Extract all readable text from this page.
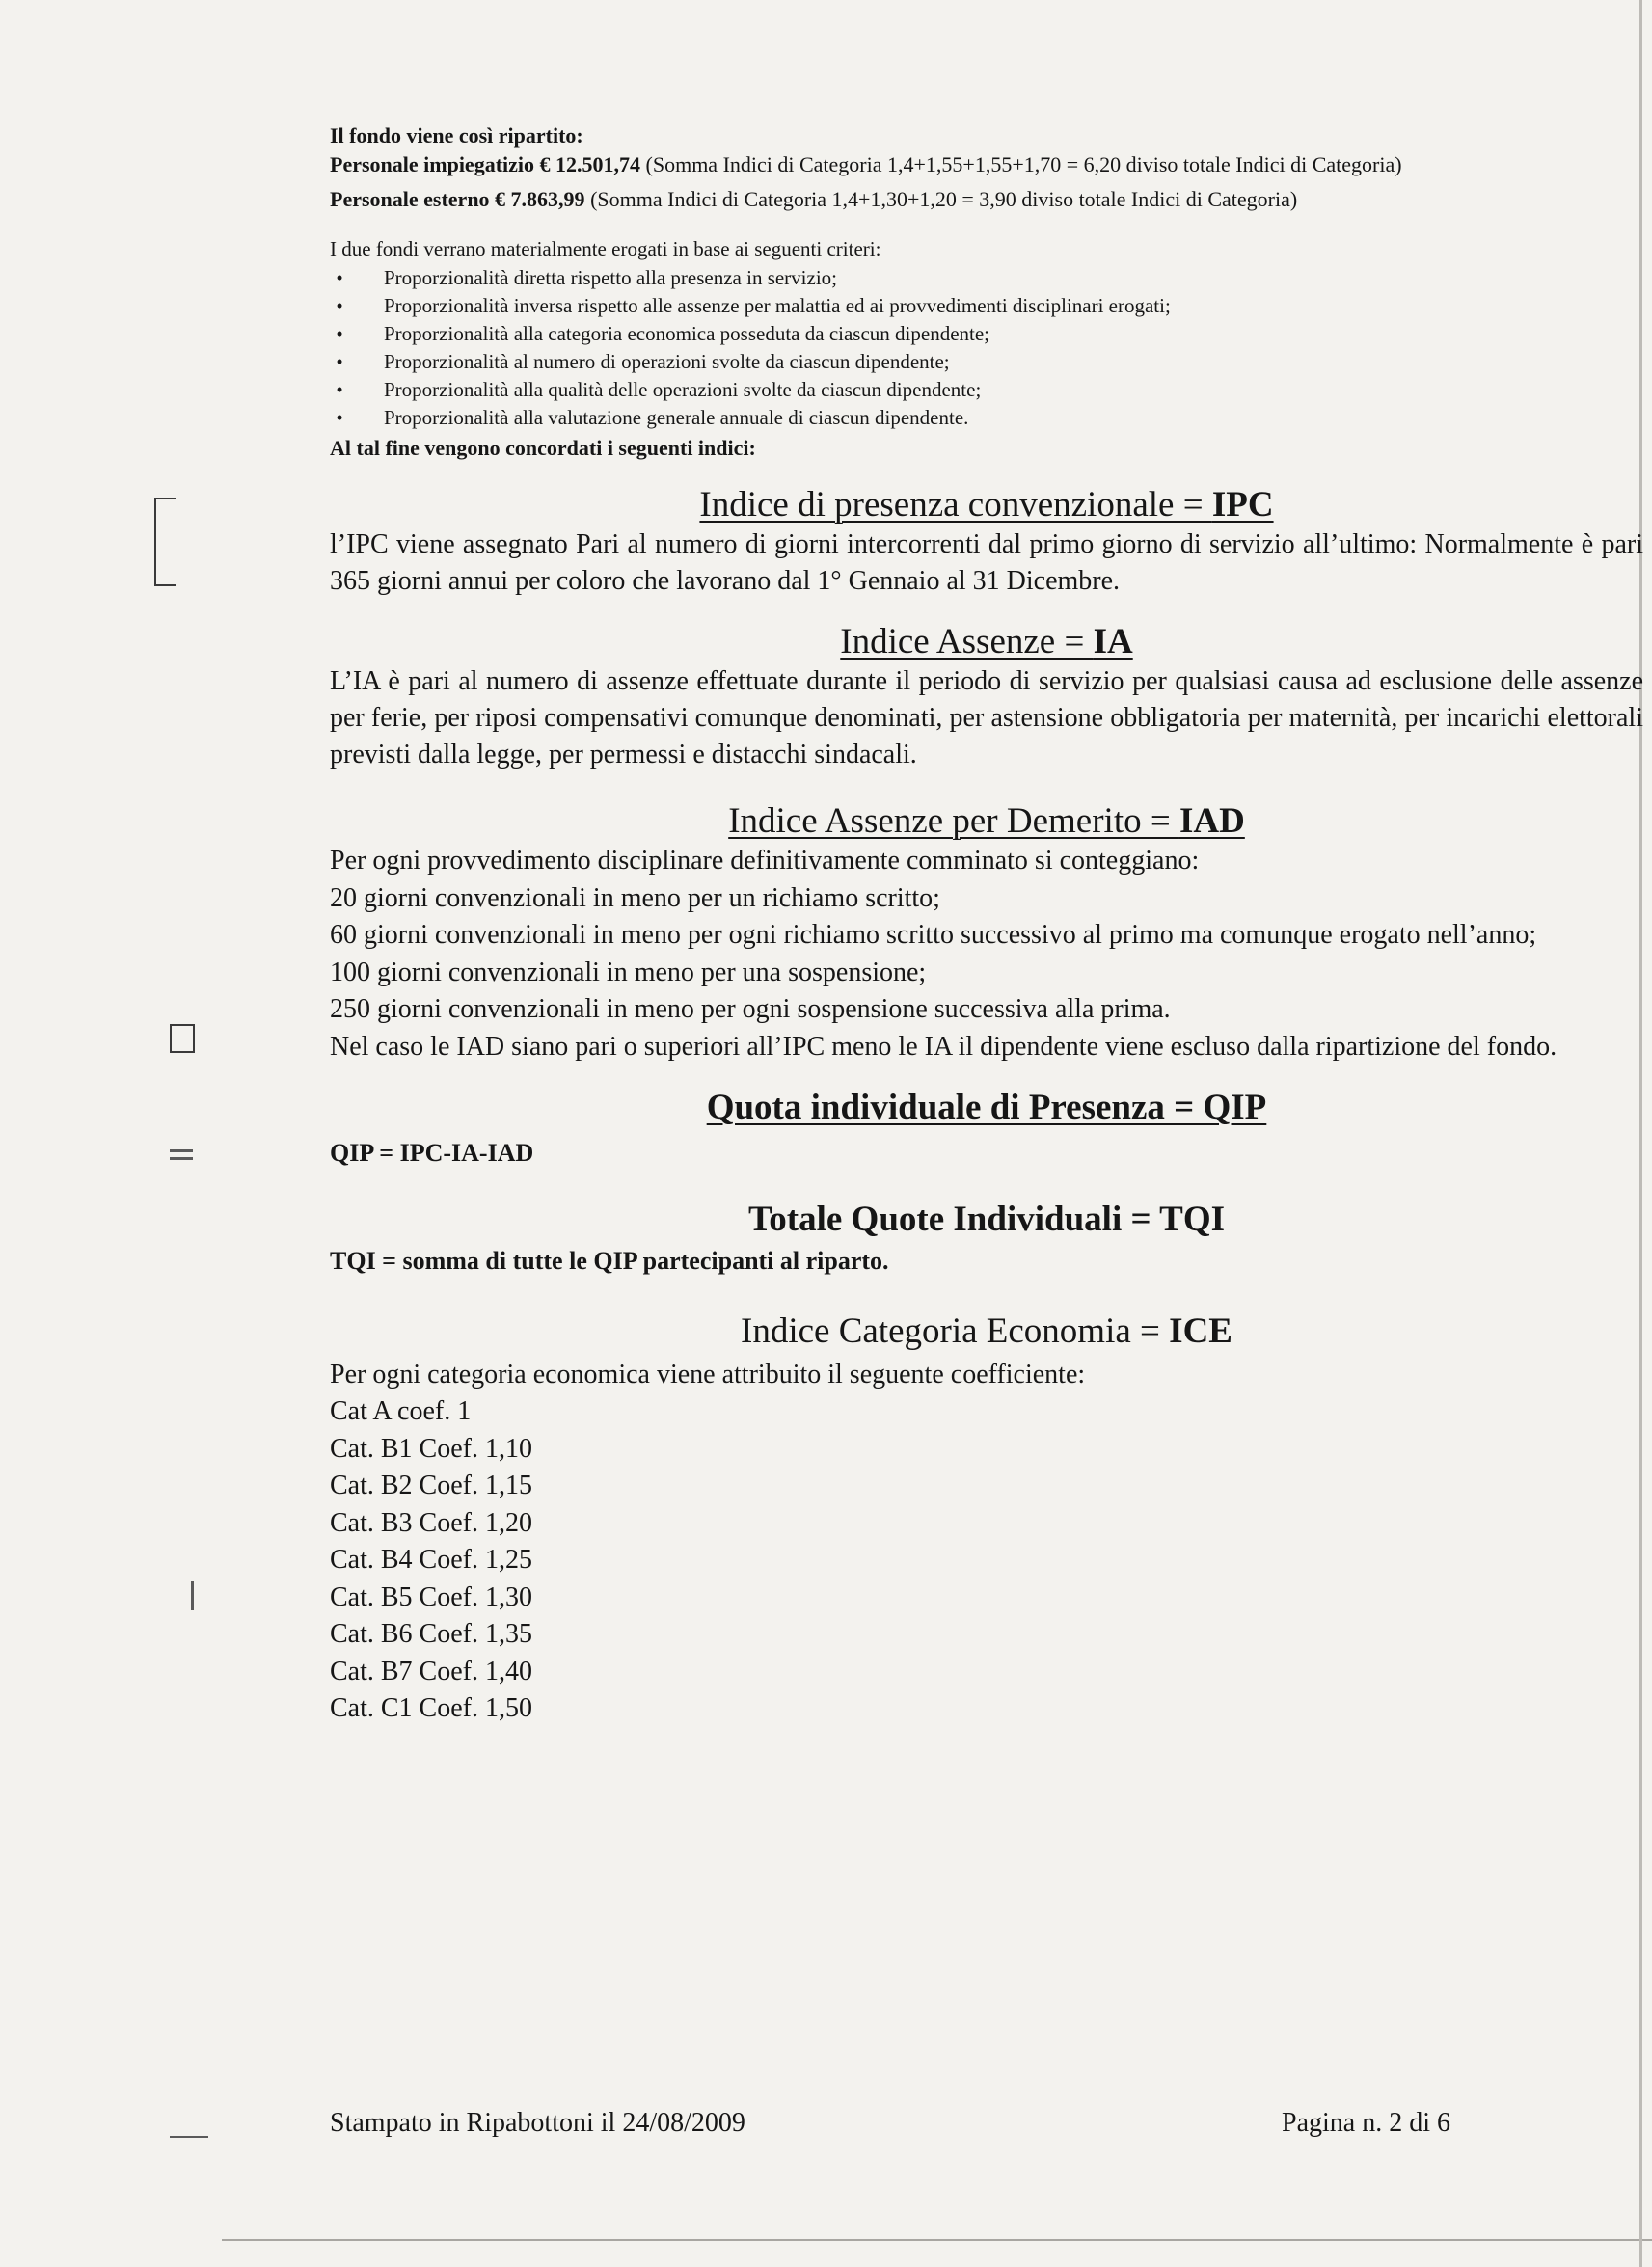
Il fondo viene così ripartito:
Personale impiegatizio € 12.501,74 (Somma Indici di Categoria 1,4+1,55+1,55+1,70 = 6,20 diviso totale Indici di Categoria)
Personale esterno € 7.863,99 (Somma Indici di Categoria 1,4+1,30+1,20 = 3,90 diviso totale Indici di Categoria)
I due fondi verrano materialmente erogati in base ai seguenti criteri:
• Proporzionalità diretta rispetto alla presenza in servizio;
• Proporzionalità inversa rispetto alle assenze per malattia ed ai provvedimenti disciplinari erogati;
• Proporzionalità alla categoria economica posseduta da ciascun dipendente;
• Proporzionalità al numero di operazioni svolte da ciascun dipendente;
• Proporzionalità alla qualità delle operazioni svolte da ciascun dipendente;
• Proporzionalità alla valutazione generale annuale di ciascun dipendente.
Al tal fine vengono concordati i seguenti indici:
Indice di presenza convenzionale = IPC

l’IPC viene assegnato Pari al numero di giorni intercorrenti dal primo giorno di servizio all’ultimo: Normalmente è pari 365 giorni annui per coloro che lavorano dal 1° Gennaio al 31 Dicembre.

Indice Assenze = IA

L’IA è pari al numero di assenze effettuate durante il periodo di servizio per qualsiasi causa ad esclusione delle assenze per ferie, per riposi compensativi comunque denominati, per astensione obbligatoria per maternità, per incarichi elettorali previsti dalla legge, per permessi e distacchi sindacali.

Indice Assenze per Demerito = IAD

Per ogni provvedimento disciplinare definitivamente comminato si conteggiano:

20 giorni convenzionali in meno per un richiamo scritto;

60 giorni convenzionali in meno per ogni richiamo scritto successivo al primo ma comunque erogato nell’anno;

100 giorni convenzionali in meno per una sospensione;

250 giorni convenzionali in meno per ogni sospensione successiva alla prima.

Nel caso le IAD siano pari o superiori all’IPC meno le IA il dipendente viene escluso dalla ripartizione del fondo.

Quota individuale di Presenza = QIP
QIP = IPC-IA-IAD
Totale Quote Individuali = TQI
TQI = somma di tutte le QIP partecipanti al riparto.
Indice Categoria Economia = ICE

Per ogni categoria economica viene attribuito il seguente coefficiente:

Cat A coef. 1

Cat. B1 Coef. 1,10

Cat. B2 Coef. 1,15

Cat. B3 Coef. 1,20

Cat. B4 Coef. 1,25

Cat. B5 Coef. 1,30

Cat. B6 Coef. 1,35

Cat. B7 Coef. 1,40

Cat. C1 Coef. 1,50

Stampato in Ripabottoni il 24/08/2009	Pagina n. 2 di 6
